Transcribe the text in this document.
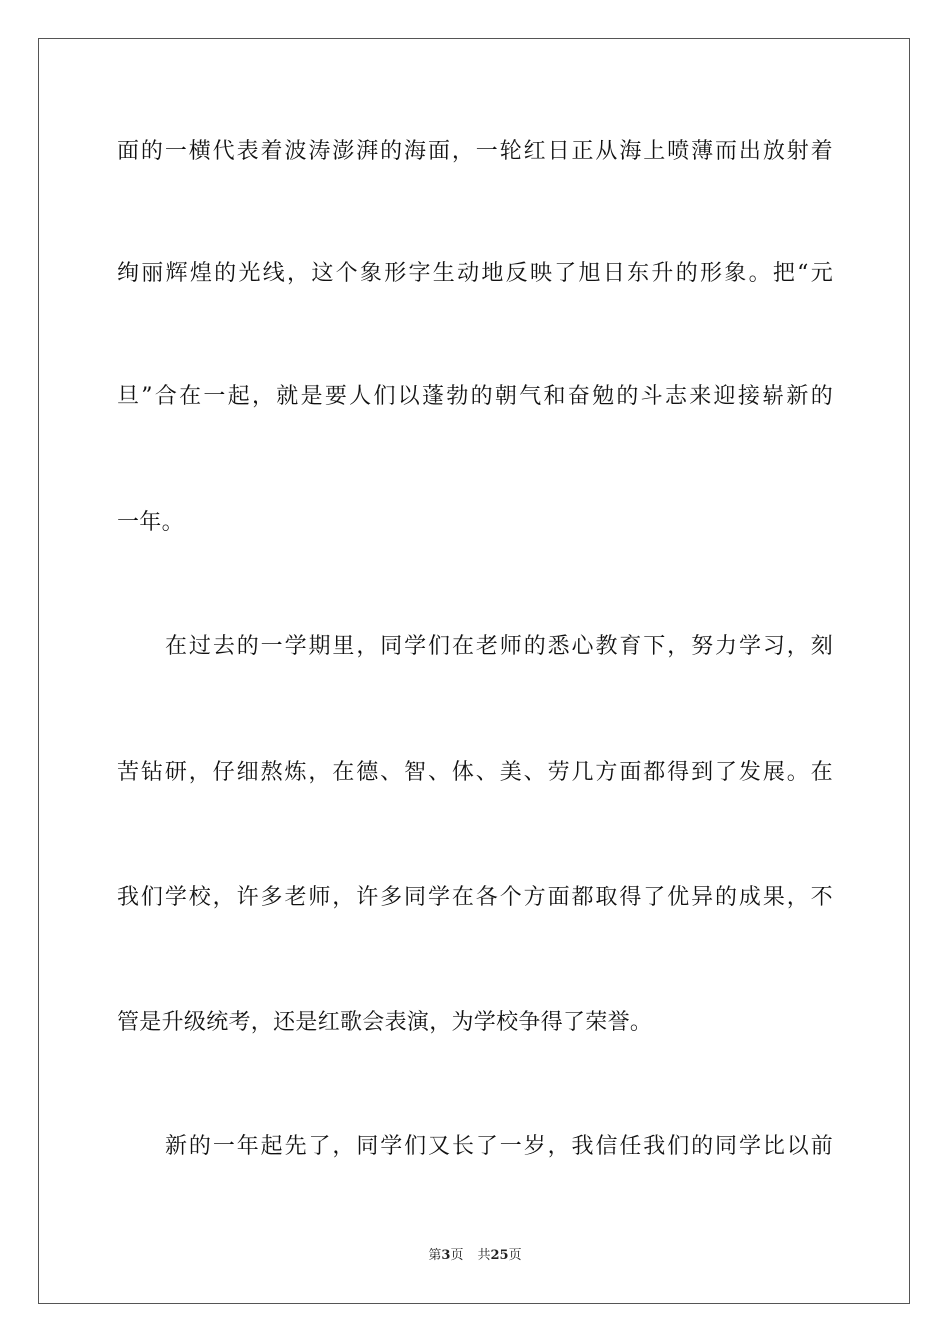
面的一横代表着波涛澎湃的海面，一轮红日正从海上喷薄而出放射着
绚丽辉煌的光线，这个象形字生动地反映了旭日东升的形象。把“元
旦”合在一起，就是要人们以蓬勃的朝气和奋勉的斗志来迎接崭新的
一年。
在过去的一学期里，同学们在老师的悉心教育下，努力学习，刻
苦钻研，仔细熬炼，在德、智、体、美、劳几方面都得到了发展。在
我们学校，许多老师，许多同学在各个方面都取得了优异的成果，不
管是升级统考，还是红歌会表演，为学校争得了荣誉。
新的一年起先了，同学们又长了一岁，我信任我们的同学比以前
第3页 共25页
